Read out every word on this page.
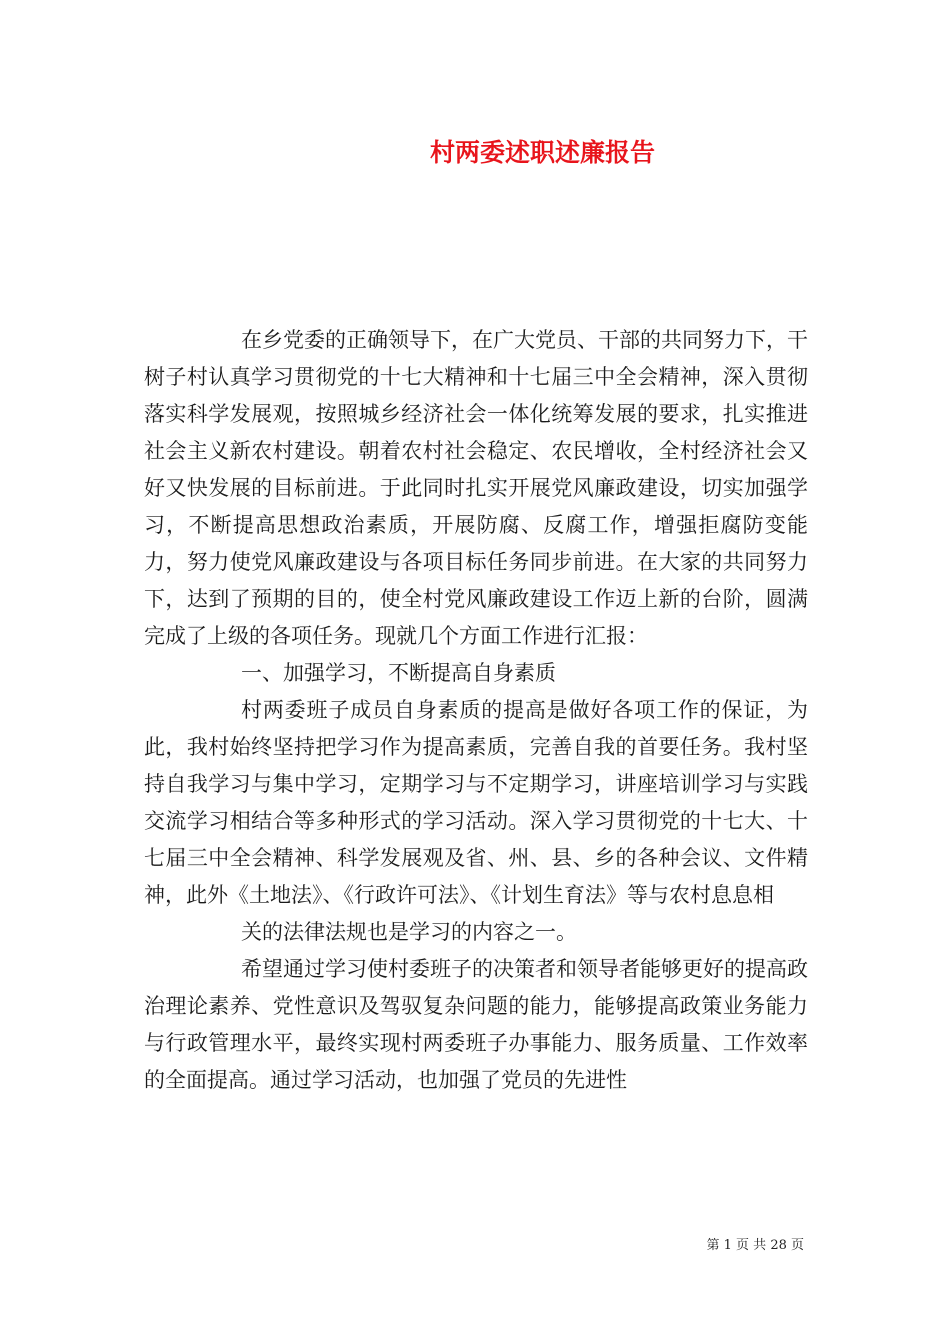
村两委述职述廉报告

在乡党委的正确领导下，在广大党员、干部的共同努力下，干树子村认真学习贯彻党的十七大精神和十七届三中全会精神，深入贯彻落实科学发展观，按照城乡经济社会一体化统筹发展的要求，扎实推进社会主义新农村建设。朝着农村社会稳定、农民增收，全村经济社会又好又快发展的目标前进。于此同时扎实开展党风廉政建设，切实加强学习，不断提高思想政治素质，开展防腐、反腐工作，增强拒腐防变能力，努力使党风廉政建设与各项目标任务同步前进。在大家的共同努力下，达到了预期的目的，使全村党风廉政建设工作迈上新的台阶，圆满完成了上级的各项任务。现就几个方面工作进行汇报：

一、加强学习，不断提高自身素质

村两委班子成员自身素质的提高是做好各项工作的保证，为此，我村始终坚持把学习作为提高素质，完善自我的首要任务。我村坚持自我学习与集中学习，定期学习与不定期学习，讲座培训学习与实践交流学习相结合等多种形式的学习活动。深入学习贯彻党的十七大、十七届三中全会精神、科学发展观及省、州、县、乡的各种会议、文件精神，此外《土地法》、《行政许可法》、《计划生育法》等与农村息息相

关的法律法规也是学习的内容之一。

希望通过学习使村委班子的决策者和领导者能够更好的提高政治理论素养、党性意识及驾驭复杂问题的能力，能够提高政策业务能力与行政管理水平，最终实现村两委班子办事能力、服务质量、工作效率的全面提高。通过学习活动，也加强了党员的先进性

第 1 页 共 28 页
